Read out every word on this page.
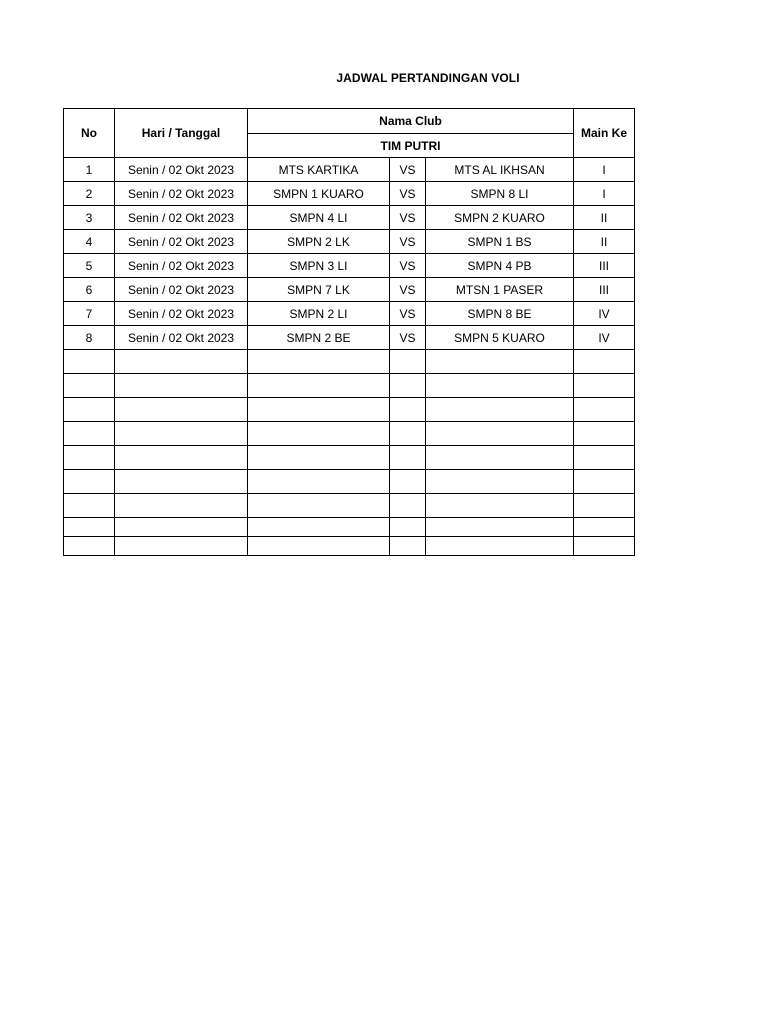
JADWAL PERTANDINGAN VOLI
No	Hari / Tanggal	Nama Club			Main Ke
		TIM PUTRI			
1	Senin / 02 Okt 2023	MTS KARTIKA	VS	MTS AL IKHSAN	I
2	Senin / 02 Okt 2023	SMPN 1 KUARO	VS	SMPN 8 LI	I
3	Senin / 02 Okt 2023	SMPN 4 LI	VS	SMPN 2 KUARO	II
4	Senin / 02 Okt 2023	SMPN 2 LK	VS	SMPN 1 BS	II
5	Senin / 02 Okt 2023	SMPN 3 LI	VS	SMPN 4 PB	III
6	Senin / 02 Okt 2023	SMPN 7 LK	VS	MTSN 1 PASER	III
7	Senin / 02 Okt 2023	SMPN 2 LI	VS	SMPN 8 BE	IV
8	Senin / 02 Okt 2023	SMPN 2 BE	VS	SMPN 5 KUARO	IV
